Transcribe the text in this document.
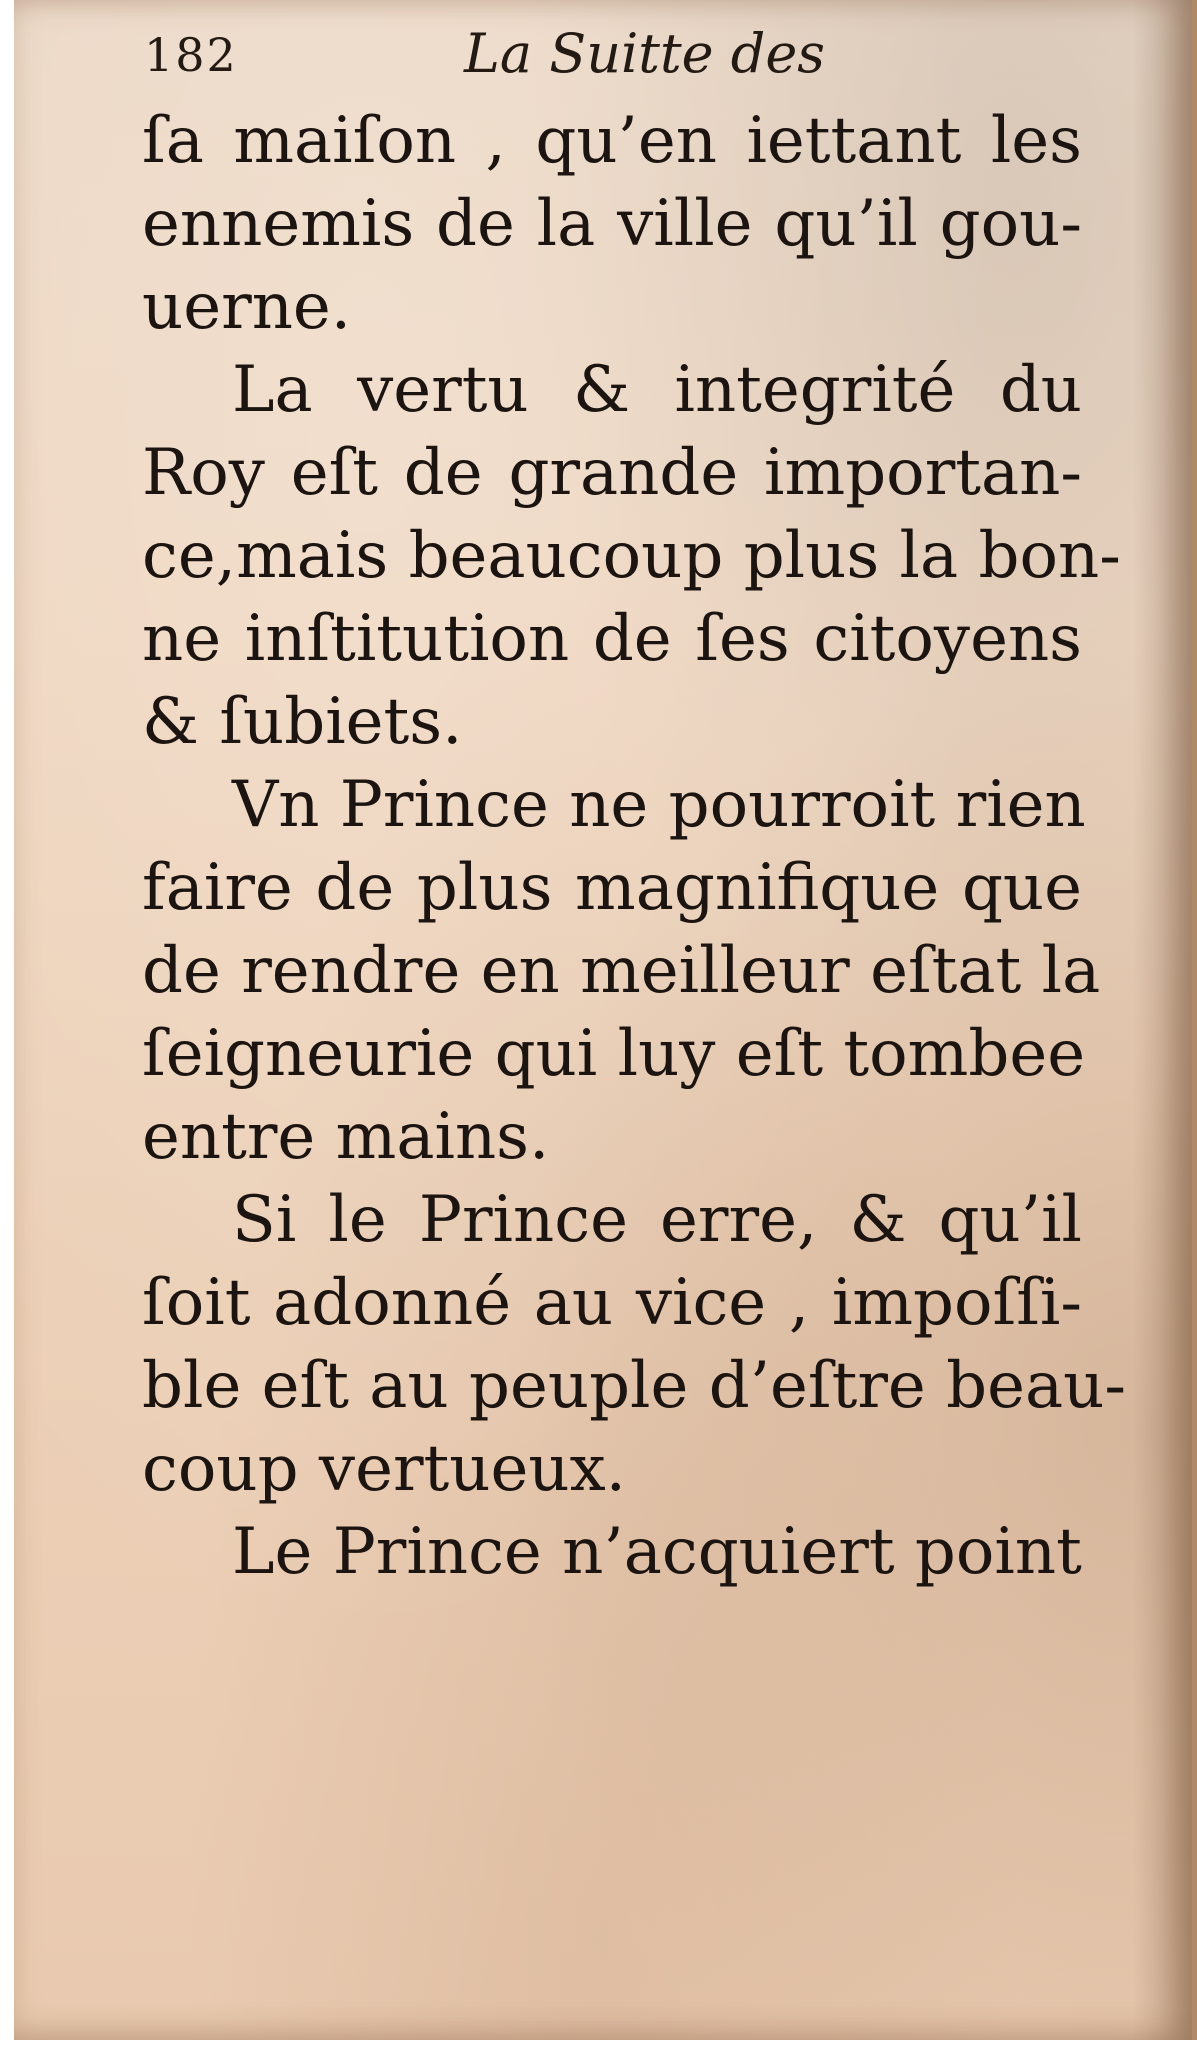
182	La Suitte des
ſa maiſon , qu’en iettant les
ennemis de la ville qu’il gou-
uerne.
La vertu & integrité du
Roy eſt de grande importan-
ce,mais beaucoup plus la bon-
ne inſtitution de ſes citoyens
& ſubiets.
Vn Prince ne pourroit rien
faire de plus magnifique que
de rendre en meilleur eſtat la
ſeigneurie qui luy eſt tombee
entre mains.
Si le Prince erre, & qu’il
ſoit adonné au vice , impoſſi-
ble eſt au peuple d’eſtre beau-
coup vertueux.
Le Prince n’acquiert point
